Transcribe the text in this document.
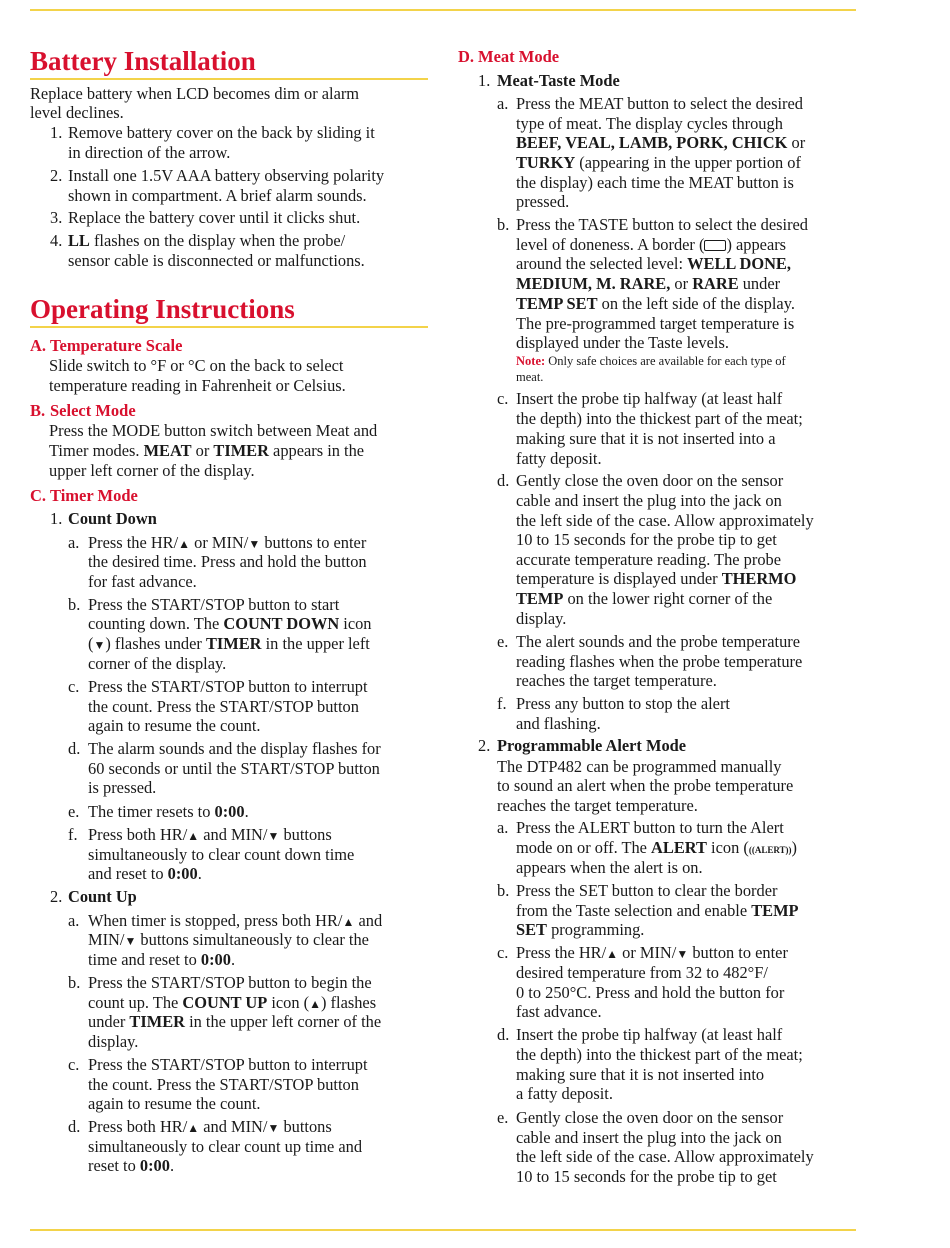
Battery Installation
Replace battery when LCD becomes dim or alarm
level declines.
1. Remove battery cover on the back by sliding it
in direction of the arrow.
2. Install one 1.5V AAA battery observing polarity
shown in compartment. A brief alarm sounds.
3. Replace the battery cover until it clicks shut.
4. LL flashes on the display when the probe/
sensor cable is disconnected or malfunctions.
Operating Instructions
A. Temperature Scale
Slide switch to °F or °C on the back to select
temperature reading in Fahrenheit or Celsius.
B. Select Mode
Press the MODE button switch between Meat and
Timer modes. MEAT or TIMER appears in the
upper left corner of the display.
C. Timer Mode
1. Count Down
a. Press the HR/▲ or MIN/▼ buttons to enter
the desired time. Press and hold the button
for fast advance.
b. Press the START/STOP button to start
counting down. The COUNT DOWN icon
(▼) flashes under TIMER in the upper left
corner of the display.
c. Press the START/STOP button to interrupt
the count. Press the START/STOP button
again to resume the count.
d. The alarm sounds and the display flashes for
60 seconds or until the START/STOP button
is pressed.
e. The timer resets to 0:00.
f. Press both HR/▲ and MIN/▼ buttons
simultaneously to clear count down time
and reset to 0:00.
2. Count Up
a. When timer is stopped, press both HR/▲ and
MIN/▼ buttons simultaneously to clear the
time and reset to 0:00.
b. Press the START/STOP button to begin the
count up. The COUNT UP icon (▲) flashes
under TIMER in the upper left corner of the
display.
c. Press the START/STOP button to interrupt
the count. Press the START/STOP button
again to resume the count.
d. Press both HR/▲ and MIN/▼ buttons
simultaneously to clear count up time and
reset to 0:00.
D. Meat Mode
1. Meat-Taste Mode
a. Press the MEAT button to select the desired
type of meat. The display cycles through
BEEF, VEAL, LAMB, PORK, CHICK or
TURKY (appearing in the upper portion of
the display) each time the MEAT button is
pressed.
b. Press the TASTE button to select the desired
level of doneness. A border ( ) appears
around the selected level: WELL DONE,
MEDIUM, M. RARE, or RARE under
TEMP SET on the left side of the display.
The pre-programmed target temperature is
displayed under the Taste levels.
Note: Only safe choices are available for each type of
meat.
c. Insert the probe tip halfway (at least half
the depth) into the thickest part of the meat;
making sure that it is not inserted into a
fatty deposit.
d. Gently close the oven door on the sensor
cable and insert the plug into the jack on
the left side of the case. Allow approximately
10 to 15 seconds for the probe tip to get
accurate temperature reading. The probe
temperature is displayed under THERMO
TEMP on the lower right corner of the
display.
e. The alert sounds and the probe temperature
reading flashes when the probe temperature
reaches the target temperature.
f. Press any button to stop the alert
and flashing.
2. Programmable Alert Mode
The DTP482 can be programmed manually
to sound an alert when the probe temperature
reaches the target temperature.
a. Press the ALERT button to turn the Alert
mode on or off. The ALERT icon (((ALERT)))
appears when the alert is on.
b. Press the SET button to clear the border
from the Taste selection and enable TEMP
SET programming.
c. Press the HR/▲ or MIN/▼ button to enter
desired temperature from 32 to 482°F/
0 to 250°C. Press and hold the button for
fast advance.
d. Insert the probe tip halfway (at least half
the depth) into the thickest part of the meat;
making sure that it is not inserted into
a fatty deposit.
e. Gently close the oven door on the sensor
cable and insert the plug into the jack on
the left side of the case. Allow approximately
10 to 15 seconds for the probe tip to get
